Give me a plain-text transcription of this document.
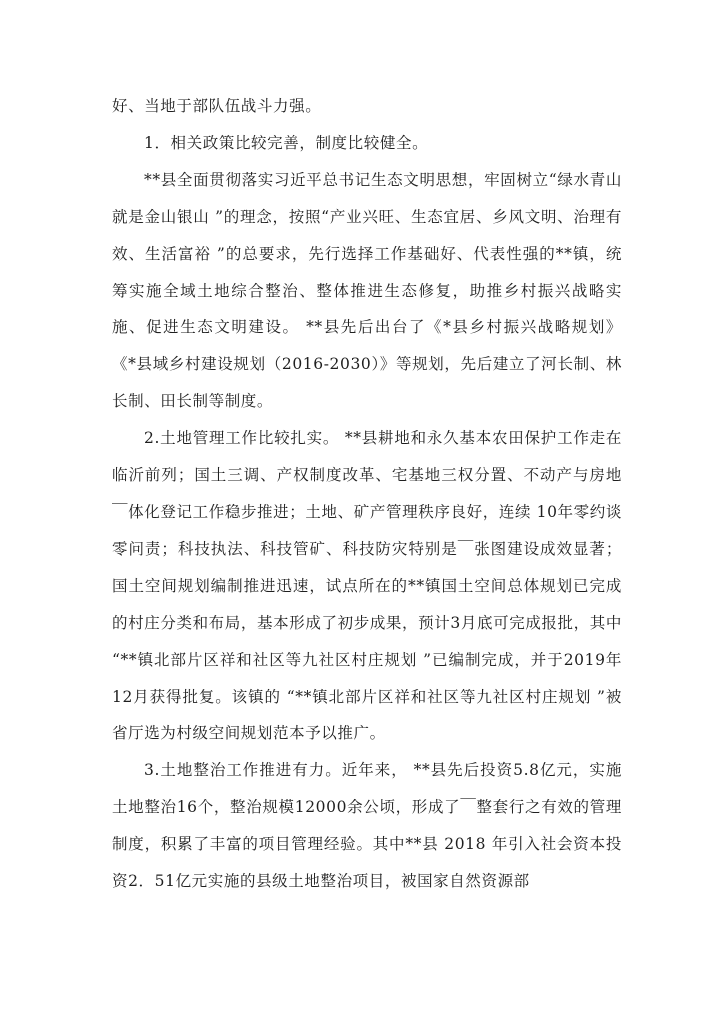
好、当地于部队伍战斗力强。

1．相关政策比较完善，制度比较健全。

**县全面贯彻落实习近平总书记生态文明思想，牢固树立“绿水青山就是金山银山 ”的理念，按照“产业兴旺、生态宜居、乡风文明、治理有效、生活富裕 ”的总要求，先行选择工作基础好、代表性强的**镇，统筹实施全域土地综合整治、整体推进生态修复，助推乡村振兴战略实施、促进生态文明建设。 **县先后出台了《*县乡村振兴战略规划》 《*县域乡村建设规划（2016-2030）》等规划，先后建立了河长制、林长制、田长制等制度。

2.土地管理工作比较扎实。 **县耕地和永久基本农田保护工作走在临沂前列；国土三调、产权制度改革、宅基地三权分置、不动产与房地￣体化登记工作稳步推进；土地、矿产管理秩序良好，连续 10年零约谈零问责；科技执法、科技管矿、科技防灾特别是￣张图建设成效显著；国土空间规划编制推进迅速，试点所在的**镇国土空间总体规划已完成的村庄分类和布局，基本形成了初步成果，预计3月底可完成报批，其中 “**镇北部片区祥和社区等九社区村庄规划 ”已编制完成，并于2019年12月获得批复。该镇的 “**镇北部片区祥和社区等九社区村庄规划 ”被省厅选为村级空间规划范本予以推广。

3.土地整治工作推进有力。近年来， **县先后投资5.8亿元，实施土地整治16个，整治规模12000余公顷，形成了￣整套行之有效的管理制度，积累了丰富的项目管理经验。其中**县 2018 年引入社会资本投资2．51亿元实施的县级土地整治项目，被国家自然资源部
